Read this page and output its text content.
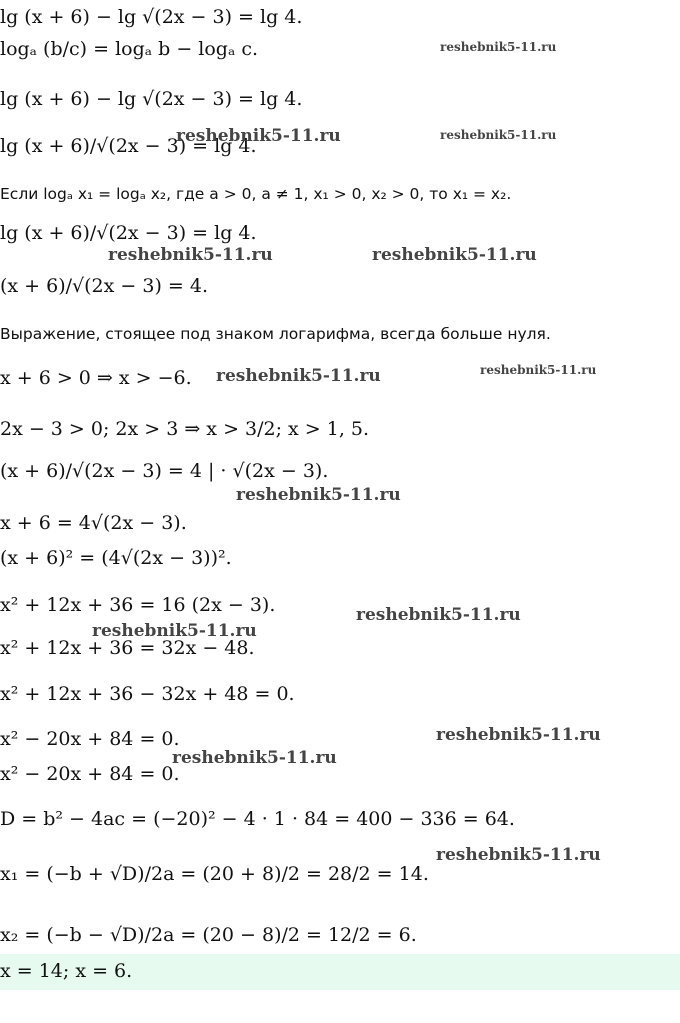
lg (x + 6) − lg √(2x − 3) = lg 4.
logₐ (b/c) = logₐ b − logₐ c.
lg (x + 6) − lg √(2x − 3) = lg 4.
lg (x + 6)/√(2x − 3) = lg 4.
Если logₐ x₁ = logₐ x₂, где a > 0, a ≠ 1, x₁ > 0, x₂ > 0, то x₁ = x₂.
lg (x + 6)/√(2x − 3) = lg 4.
(x + 6)/√(2x − 3) = 4.
Выражение, стоящее под знаком логарифма, всегда больше нуля.
x + 6 > 0 ⇒ x > −6.
2x − 3 > 0; 2x > 3 ⇒ x > 3/2; x > 1, 5.
(x + 6)/√(2x − 3) = 4 | · √(2x − 3).
x + 6 = 4√(2x − 3).
(x + 6)² = (4√(2x − 3))².
x² + 12x + 36 = 16 (2x − 3).
x² + 12x + 36 = 32x − 48.
x² + 12x + 36 − 32x + 48 = 0.
x² − 20x + 84 = 0.
x² − 20x + 84 = 0.
D = b² − 4ac = (−20)² − 4 · 1 · 84 = 400 − 336 = 64.
x₁ = (−b + √D)/2a = (20 + 8)/2 = 28/2 = 14.
x₂ = (−b − √D)/2a = (20 − 8)/2 = 12/2 = 6.
x = 14; x = 6.
reshebnik5-11.ru
reshebnik5-11.ru
reshebnik5-11.ru
reshebnik5-11.ru	reshebnik5-11.ru
reshebnik5-11.ru	reshebnik5-11.ru
reshebnik5-11.ru
reshebnik5-11.ru
reshebnik5-11.ru
reshebnik5-11.ru
reshebnik5-11.ru
reshebnik5-11.ru
